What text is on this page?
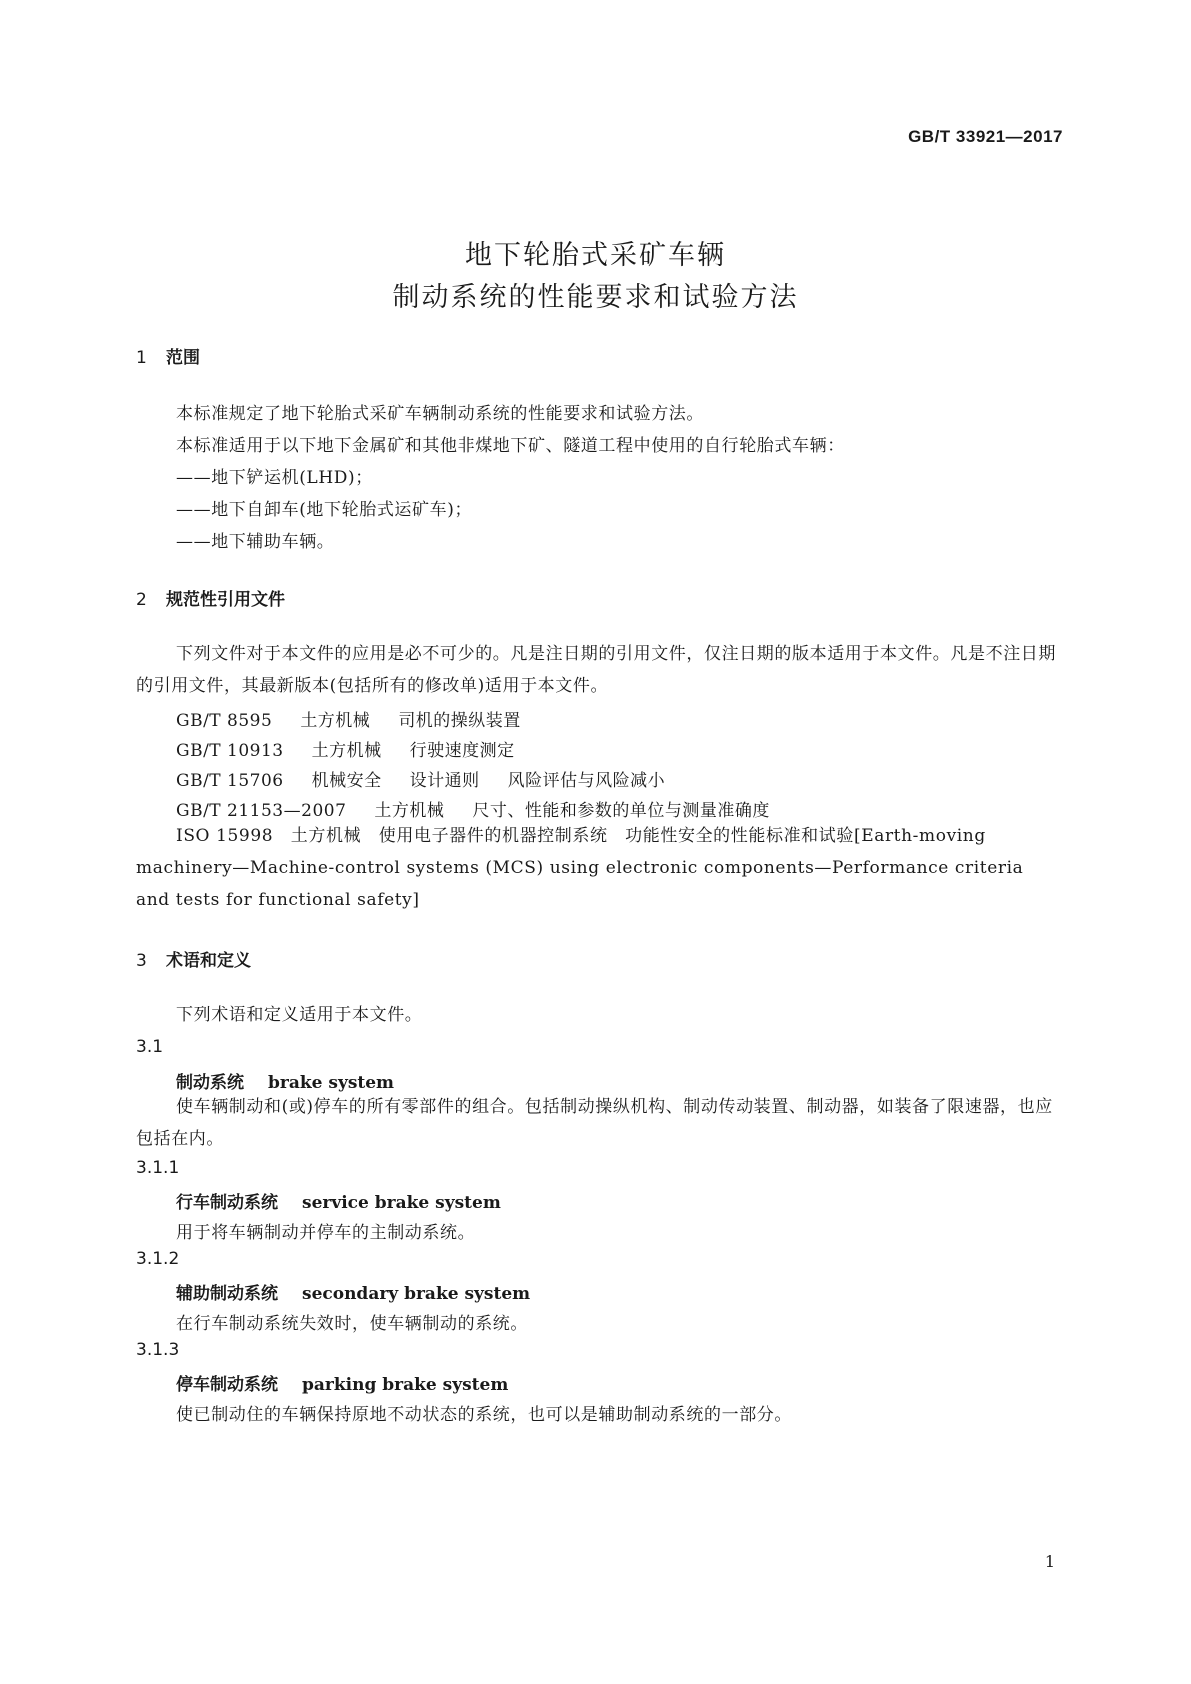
GB/T 33921—2017
地下轮胎式采矿车辆
制动系统的性能要求和试验方法
1 范围
本标准规定了地下轮胎式采矿车辆制动系统的性能要求和试验方法。
本标准适用于以下地下金属矿和其他非煤地下矿、隧道工程中使用的自行轮胎式车辆：
——地下铲运机(LHD)；
——地下自卸车(地下轮胎式运矿车)；
——地下辅助车辆。
2 规范性引用文件
下列文件对于本文件的应用是必不可少的。凡是注日期的引用文件，仅注日期的版本适用于本文件。凡是不注日期的引用文件，其最新版本(包括所有的修改单)适用于本文件。
GB/T 8595 土方机械 司机的操纵装置
GB/T 10913 土方机械 行驶速度测定
GB/T 15706 机械安全 设计通则 风险评估与风险减小
GB/T 21153—2007 土方机械 尺寸、性能和参数的单位与测量准确度
ISO 15998　土方机械　使用电子器件的机器控制系统　功能性安全的性能标准和试验[Earth-moving machinery—Machine-control systems (MCS) using electronic components—Performance criteria and tests for functional safety]
3 术语和定义
下列术语和定义适用于本文件。
3.1
制动系统 brake system
使车辆制动和(或)停车的所有零部件的组合。包括制动操纵机构、制动传动装置、制动器，如装备了限速器，也应包括在内。
3.1.1
行车制动系统 service brake system
用于将车辆制动并停车的主制动系统。
3.1.2
辅助制动系统 secondary brake system
在行车制动系统失效时，使车辆制动的系统。
3.1.3
停车制动系统 parking brake system
使已制动住的车辆保持原地不动状态的系统，也可以是辅助制动系统的一部分。
1
